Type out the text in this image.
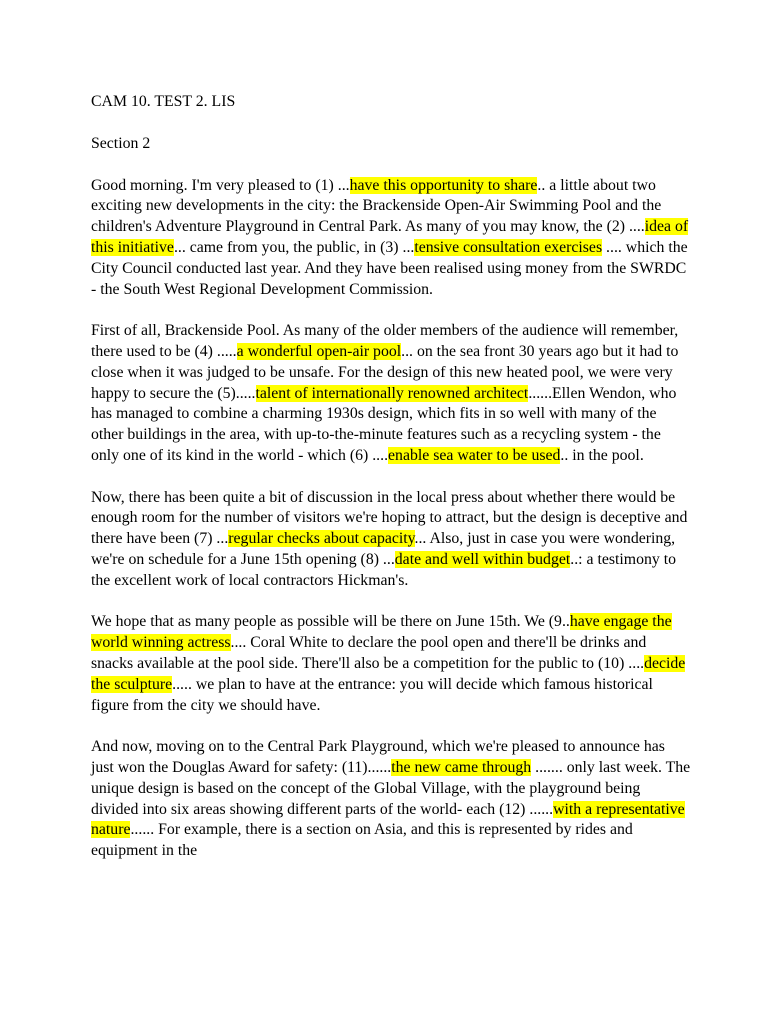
CAM 10. TEST 2. LIS

Section 2

Good morning. I'm very pleased to (1) ...have this opportunity to share.. a little about two exciting new developments in the city: the Brackenside Open-Air Swimming Pool and the children's Adventure Playground in Central Park. As many of you may know, the (2) ....idea of this initiative... came from you, the public, in (3) ...tensive consultation exercises .... which the City Council conducted last year. And they have been realised using money from the SWRDC - the South West Regional Development Commission.

First of all, Brackenside Pool. As many of the older members of the audience will remember, there used to be (4) .....a wonderful open-air pool... on the sea front 30 years ago but it had to close when it was judged to be unsafe. For the design of this new heated pool, we were very happy to secure the (5).....talent of internationally renowned architect......Ellen Wendon, who has managed to combine a charming 1930s design, which fits in so well with many of the other buildings in the area, with up-to-the-minute features such as a recycling system - the only one of its kind in the world - which (6) ....enable sea water to be used.. in the pool.

Now, there has been quite a bit of discussion in the local press about whether there would be enough room for the number of visitors we're hoping to attract, but the design is deceptive and there have been (7) ...regular checks about capacity... Also, just in case you were wondering, we're on schedule for a June 15th opening (8) ...date and well within budget..: a testimony to the excellent work of local contractors Hickman's.

We hope that as many people as possible will be there on June 15th. We (9..have engage the world winning actress.... Coral White to declare the pool open and there'll be drinks and snacks available at the pool side. There'll also be a competition for the public to (10) ....decide the sculpture..... we plan to have at the entrance: you will decide which famous historical figure from the city we should have.

And now, moving on to the Central Park Playground, which we're pleased to announce has just won the Douglas Award for safety: (11)......the new came through ....... only last week. The unique design is based on the concept of the Global Village, with the playground being divided into six areas showing different parts of the world- each (12) ......with a representative nature...... For example, there is a section on Asia, and this is represented by rides and equipment in the
